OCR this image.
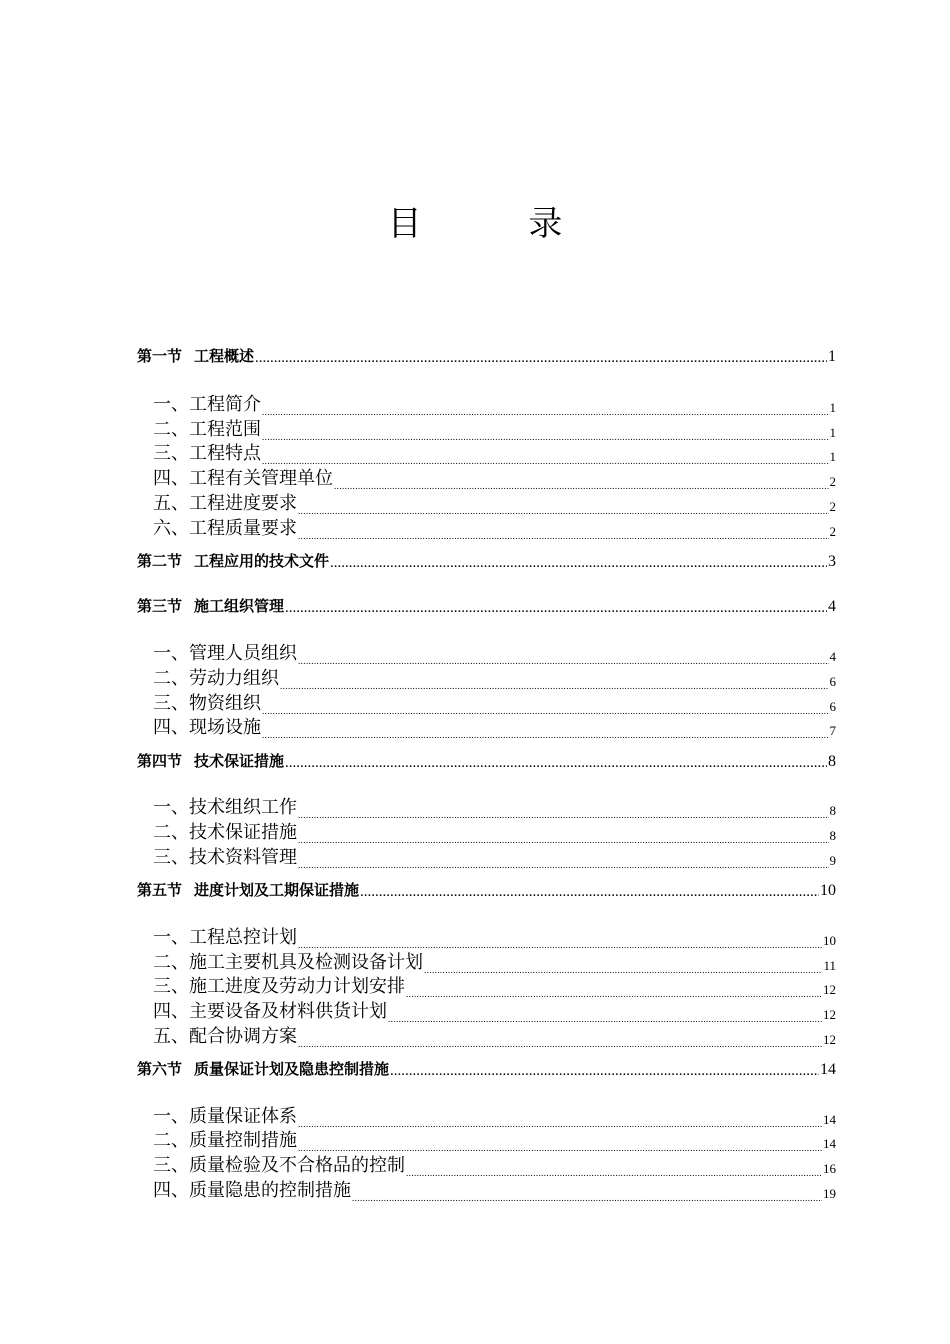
目 录
第一节 工程概述 .....	1
一、 工程简介 .....	1
二、 工程范围 .....	1
三、 工程特点 .....	1
四、 工程有关管理单位 .....	2
五、 工程进度要求 .....	2
六、 工程质量要求 .....	2
第二节 工程应用的技术文件 .....	3
第三节 施工组织管理 .....	4
一、 管理人员组织 .....	4
二、 劳动力组织 .....	6
三、 物资组织 .....	6
四、 现场设施 .....	7
第四节 技术保证措施 .....	8
一、 技术组织工作 .....	8
二、 技术保证措施 .....	8
三、 技术资料管理 .....	9
第五节 进度计划及工期保证措施 .....	10
一、 工程总控计划 .....	10
二、 施工主要机具及检测设备计划 .....	11
三、 施工进度及劳动力计划安排 .....	12
四、 主要设备及材料供货计划 .....	12
五、 配合协调方案 .....	12
第六节 质量保证计划及隐患控制措施 .....	14
一、 质量保证体系 .....	14
二、 质量控制措施 .....	14
三、 质量检验及不合格品的控制 .....	16
四、 质量隐患的控制措施 .....	19
